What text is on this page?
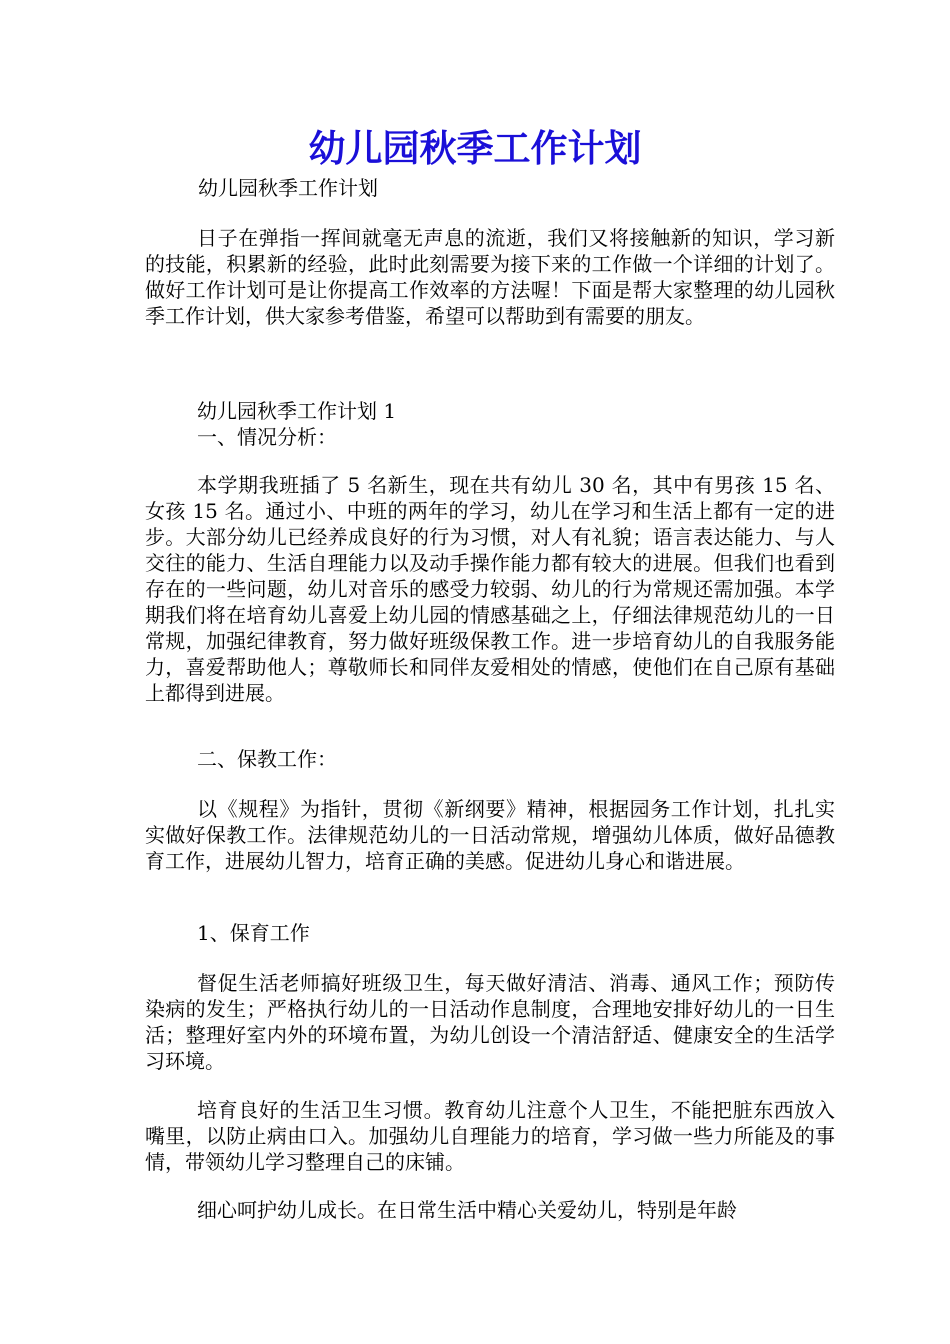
幼儿园秋季工作计划

幼儿园秋季工作计划

日子在弹指一挥间就毫无声息的流逝，我们又将接触新的知识，学习新的技能，积累新的经验，此时此刻需要为接下来的工作做一个详细的计划了。做好工作计划可是让你提高工作效率的方法喔！下面是帮大家整理的幼儿园秋季工作计划，供大家参考借鉴，希望可以帮助到有需要的朋友。

幼儿园秋季工作计划 1

一、情况分析：

本学期我班插了 5 名新生，现在共有幼儿 30 名，其中有男孩 15 名、女孩 15 名。通过小、中班的两年的学习，幼儿在学习和生活上都有一定的进步。大部分幼儿已经养成良好的行为习惯，对人有礼貌；语言表达能力、与人交往的能力、生活自理能力以及动手操作能力都有较大的进展。但我们也看到存在的一些问题，幼儿对音乐的感受力较弱、幼儿的行为常规还需加强。本学期我们将在培育幼儿喜爱上幼儿园的情感基础之上，仔细法律规范幼儿的一日常规，加强纪律教育，努力做好班级保教工作。进一步培育幼儿的自我服务能力，喜爱帮助他人；尊敬师长和同伴友爱相处的情感，使他们在自己原有基础上都得到进展。

二、保教工作：

以《规程》为指针，贯彻《新纲要》精神，根据园务工作计划，扎扎实实做好保教工作。法律规范幼儿的一日活动常规，增强幼儿体质，做好品德教育工作，进展幼儿智力，培育正确的美感。促进幼儿身心和谐进展。

1、保育工作

督促生活老师搞好班级卫生，每天做好清洁、消毒、通风工作；预防传染病的发生；严格执行幼儿的一日活动作息制度，合理地安排好幼儿的一日生活；整理好室内外的环境布置，为幼儿创设一个清洁舒适、健康安全的生活学习环境。

培育良好的生活卫生习惯。教育幼儿注意个人卫生，不能把脏东西放入嘴里，以防止病由口入。加强幼儿自理能力的培育，学习做一些力所能及的事情，带领幼儿学习整理自己的床铺。

细心呵护幼儿成长。在日常生活中精心关爱幼儿，特别是年龄
